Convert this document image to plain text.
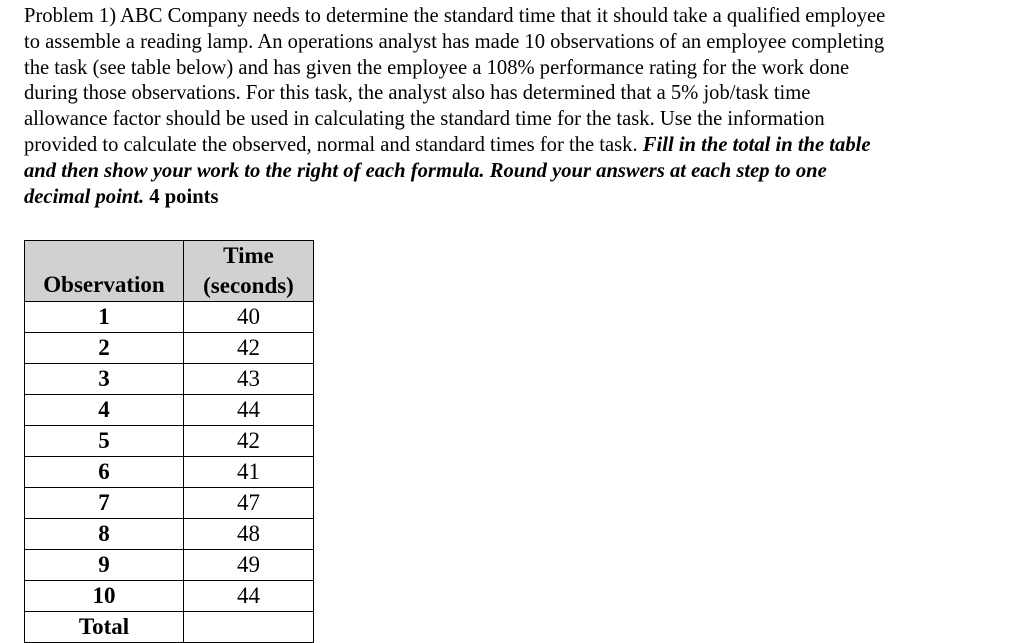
Problem 1) ABC Company needs to determine the standard time that it should take a qualified employee
to assemble a reading lamp. An operations analyst has made 10 observations of an employee completing
the task (see table below) and has given the employee a 108% performance rating for the work done
during those observations. For this task, the analyst also has determined that a 5% job/task time
allowance factor should be used in calculating the standard time for the task. Use the information
provided to calculate the observed, normal and standard times for the task. Fill in the total in the table
and then show your work to the right of each formula. Round your answers at each step to one
decimal point. 4 points
Observation	Time
(seconds)
1	40
2	42
3	43
4	44
5	42
6	41
7	47
8	48
9	49
10	44
Total	
